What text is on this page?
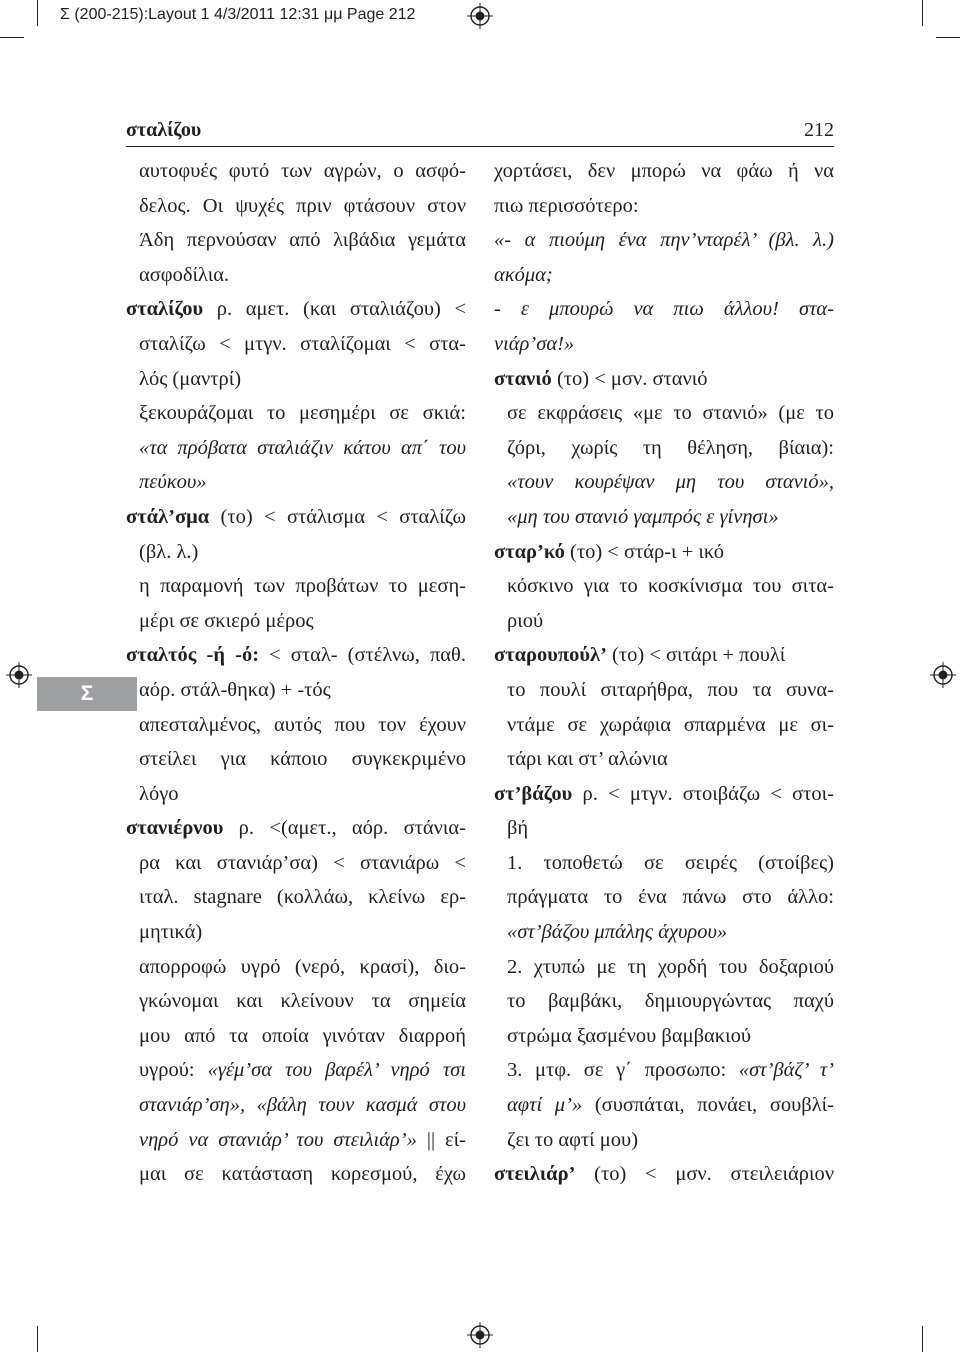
Σ (200-215):Layout 1 4/3/2011 12:31 μμ Page 212
σταλίζου	212
Σ
αυτοφυές φυτό των αγρών, ο ασφό-
δελος. Οι ψυχές πριν φτάσουν στον
Άδη περνούσαν από λιβάδια γεμάτα
ασφοδίλια.
σταλίζου ρ. αμετ. (και σταλιάζου) <
σταλίζω < μτγν. σταλίζομαι < στα-
λός (μαντρί)
ξεκουράζομαι το μεσημέρι σε σκιά:
«τα πρόβατα σταλιάζιν κάτου απ΄ του
πεύκου»
στάλ’σμα (το) < στάλισμα < σταλίζω
(βλ. λ.)
η παραμονή των προβάτων το μεση-
μέρι σε σκιερό μέρος
σταλτός -ή -ό: < σταλ- (στέλνω, παθ.
αόρ. στάλ-θηκα) + -τός
απεσταλμένος, αυτός που τον έχουν
στείλει για κάποιο συγκεκριμένο
λόγο
στανιέρνου ρ. <(αμετ., αόρ. στάνια-
ρα και στανιάρ’σα) < στανιάρω <
ιταλ. stagnare (κολλάω, κλείνω ερ-
μητικά)
απορροφώ υγρό (νερό, κρασί), διο-
γκώνομαι και κλείνουν τα σημεία
μου από τα οποία γινόταν διαρροή
υγρού: «γέμ’σα του βαρέλ’ νηρό τσι
στανιάρ’ση», «βάλη τουν κασμά στου
νηρό να στανιάρ’ του στειλιάρ’» || εί-
μαι σε κατάσταση κορεσμού, έχω
χορτάσει, δεν μπορώ να φάω ή να
πιω περισσότερο:
«- α πιούμη ένα πην’νταρέλ’ (βλ. λ.)
ακόμα;
- ε μπουρώ να πιω άλλου! στα-
νιάρ’σα!»
στανιό (το) < μσν. στανιό
σε εκφράσεις «με το στανιό» (με το
ζόρι, χωρίς τη θέληση, βίαια):
«τουν κουρέψαν μη του στανιό»,
«μη του στανιό γαμπρός ε γίνησι»
σταρ’κό (το) < στάρ-ι + ικό
κόσκινο για το κοσκίνισμα του σιτα-
ριού
σταρουπούλ’ (το) < σιτάρι + πουλί
το πουλί σιταρήθρα, που τα συνα-
ντάμε σε χωράφια σπαρμένα με σι-
τάρι και στ’ αλώνια
στ’βάζου ρ. < μτγν. στοιβάζω < στοι-
βή
1. τοποθετώ σε σειρές (στοίβες)
πράγματα το ένα πάνω στο άλλο:
«στ’βάζου μπάλης άχυρου»
2. χτυπώ με τη χορδή του δοξαριού
το βαμβάκι, δημιουργώντας παχύ
στρώμα ξασμένου βαμβακιού
3. μτφ. σε γ΄ προσωπο: «στ’βάζ’ τ’
αφτί μ’» (συσπάται, πονάει, σουβλί-
ζει το αφτί μου)
στειλιάρ’ (το) < μσν. στειλειάριον
